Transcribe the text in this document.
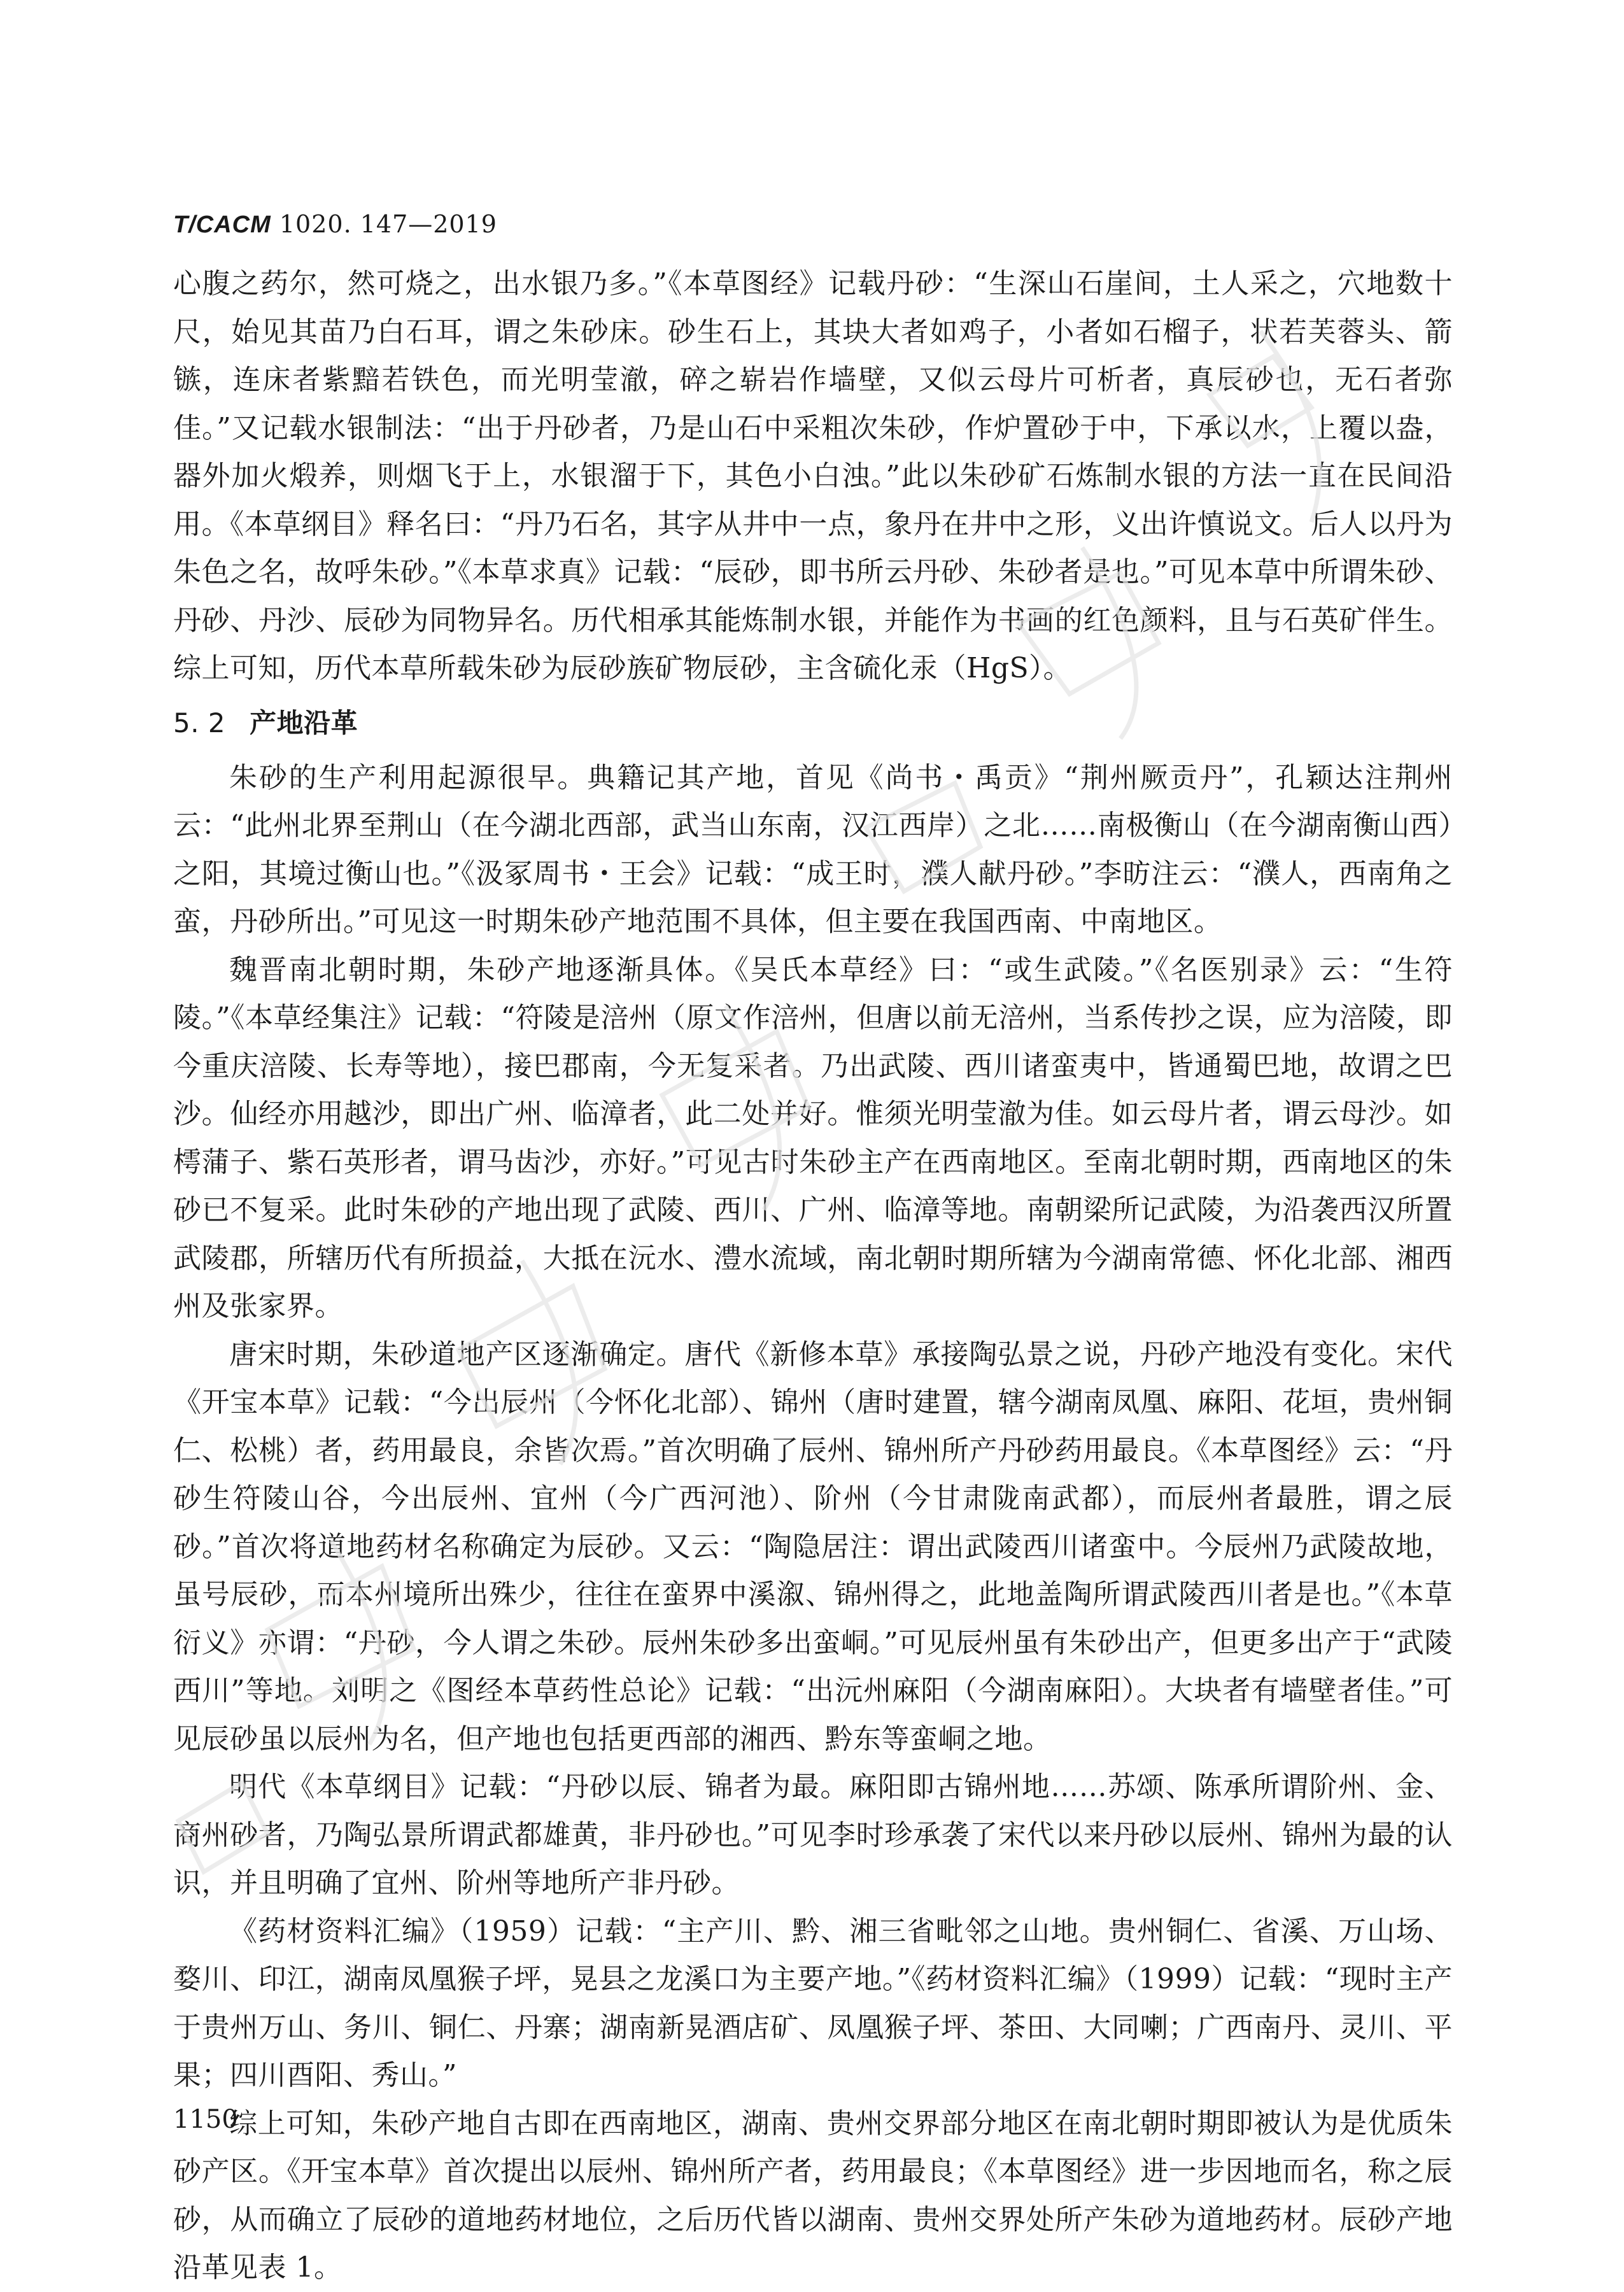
T/CACM 1020. 147—2019

心腹之药尔，然可烧之，出水银乃多。”《本草图经》记载丹砂：“生深山石崖间，土人采之，穴地数十尺，始见其苗乃白石耳，谓之朱砂床。砂生石上，其块大者如鸡子，小者如石榴子，状若芙蓉头、箭镞，连床者紫黯若铁色，而光明莹澈，碎之崭岩作墙壁，又似云母片可析者，真辰砂也，无石者弥佳。”又记载水银制法：“出于丹砂者，乃是山石中采粗次朱砂，作炉置砂于中，下承以水，上覆以盎，器外加火煅养，则烟飞于上，水银溜于下，其色小白浊。”此以朱砂矿石炼制水银的方法一直在民间沿用。《本草纲目》释名曰：“丹乃石名，其字从井中一点，象丹在井中之形，义出许慎说文。后人以丹为朱色之名，故呼朱砂。”《本草求真》记载：“辰砂，即书所云丹砂、朱砂者是也。”可见本草中所谓朱砂、丹砂、丹沙、辰砂为同物异名。历代相承其能炼制水银，并能作为书画的红色颜料，且与石英矿伴生。综上可知，历代本草所载朱砂为辰砂族矿物辰砂，主含硫化汞（HgS）。

5. 2 产地沿革

朱砂的生产利用起源很早。典籍记其产地，首见《尚书・禹贡》“荆州厥贡丹”，孔颖达注荆州云：“此州北界至荆山（在今湖北西部，武当山东南，汉江西岸）之北……南极衡山（在今湖南衡山西）之阳，其境过衡山也。”《汲冢周书・王会》记载：“成王时，濮人献丹砂。”李昉注云：“濮人，西南角之蛮，丹砂所出。”可见这一时期朱砂产地范围不具体，但主要在我国西南、中南地区。

魏晋南北朝时期，朱砂产地逐渐具体。《吴氏本草经》曰：“或生武陵。”《名医别录》云：“生符陵。”《本草经集注》记载：“符陵是涪州（原文作涪州，但唐以前无涪州，当系传抄之误，应为涪陵，即今重庆涪陵、长寿等地），接巴郡南，今无复采者。乃出武陵、西川诸蛮夷中，皆通蜀巴地，故谓之巴沙。仙经亦用越沙，即出广州、临漳者，此二处并好。惟须光明莹澈为佳。如云母片者，谓云母沙。如樗蒲子、紫石英形者，谓马齿沙，亦好。”可见古时朱砂主产在西南地区。至南北朝时期，西南地区的朱砂已不复采。此时朱砂的产地出现了武陵、西川、广州、临漳等地。南朝梁所记武陵，为沿袭西汉所置武陵郡，所辖历代有所损益，大抵在沅水、澧水流域，南北朝时期所辖为今湖南常德、怀化北部、湘西州及张家界。

唐宋时期，朱砂道地产区逐渐确定。唐代《新修本草》承接陶弘景之说，丹砂产地没有变化。宋代《开宝本草》记载：“今出辰州（今怀化北部）、锦州（唐时建置，辖今湖南凤凰、麻阳、花垣，贵州铜仁、松桃）者，药用最良，余皆次焉。”首次明确了辰州、锦州所产丹砂药用最良。《本草图经》云：“丹砂生符陵山谷，今出辰州、宜州（今广西河池）、阶州（今甘肃陇南武都），而辰州者最胜，谓之辰砂。”首次将道地药材名称确定为辰砂。又云：“陶隐居注：谓出武陵西川诸蛮中。今辰州乃武陵故地，虽号辰砂，而本州境所出殊少，往往在蛮界中溪溆、锦州得之，此地盖陶所谓武陵西川者是也。”《本草衍义》亦谓：“丹砂，今人谓之朱砂。辰州朱砂多出蛮峒。”可见辰州虽有朱砂出产，但更多出产于“武陵西川”等地。刘明之《图经本草药性总论》记载：“出沅州麻阳（今湖南麻阳）。大块者有墙壁者佳。”可见辰砂虽以辰州为名，但产地也包括更西部的湘西、黔东等蛮峒之地。

明代《本草纲目》记载：“丹砂以辰、锦者为最。麻阳即古锦州地……苏颂、陈承所谓阶州、金、商州砂者，乃陶弘景所谓武都雄黄，非丹砂也。”可见李时珍承袭了宋代以来丹砂以辰州、锦州为最的认识，并且明确了宜州、阶州等地所产非丹砂。

《药材资料汇编》（1959）记载：“主产川、黔、湘三省毗邻之山地。贵州铜仁、省溪、万山场、婺川、印江，湖南凤凰猴子坪，晃县之龙溪口为主要产地。”《药材资料汇编》（1999）记载：“现时主产于贵州万山、务川、铜仁、丹寨；湖南新晃酒店矿、凤凰猴子坪、茶田、大同喇；广西南丹、灵川、平果；四川酉阳、秀山。”

综上可知，朱砂产地自古即在西南地区，湖南、贵州交界部分地区在南北朝时期即被认为是优质朱砂产区。《开宝本草》首次提出以辰州、锦州所产者，药用最良；《本草图经》进一步因地而名，称之辰砂，从而确立了辰砂的道地药材地位，之后历代皆以湖南、贵州交界处所产朱砂为道地药材。辰砂产地沿革见表 1。

1150
